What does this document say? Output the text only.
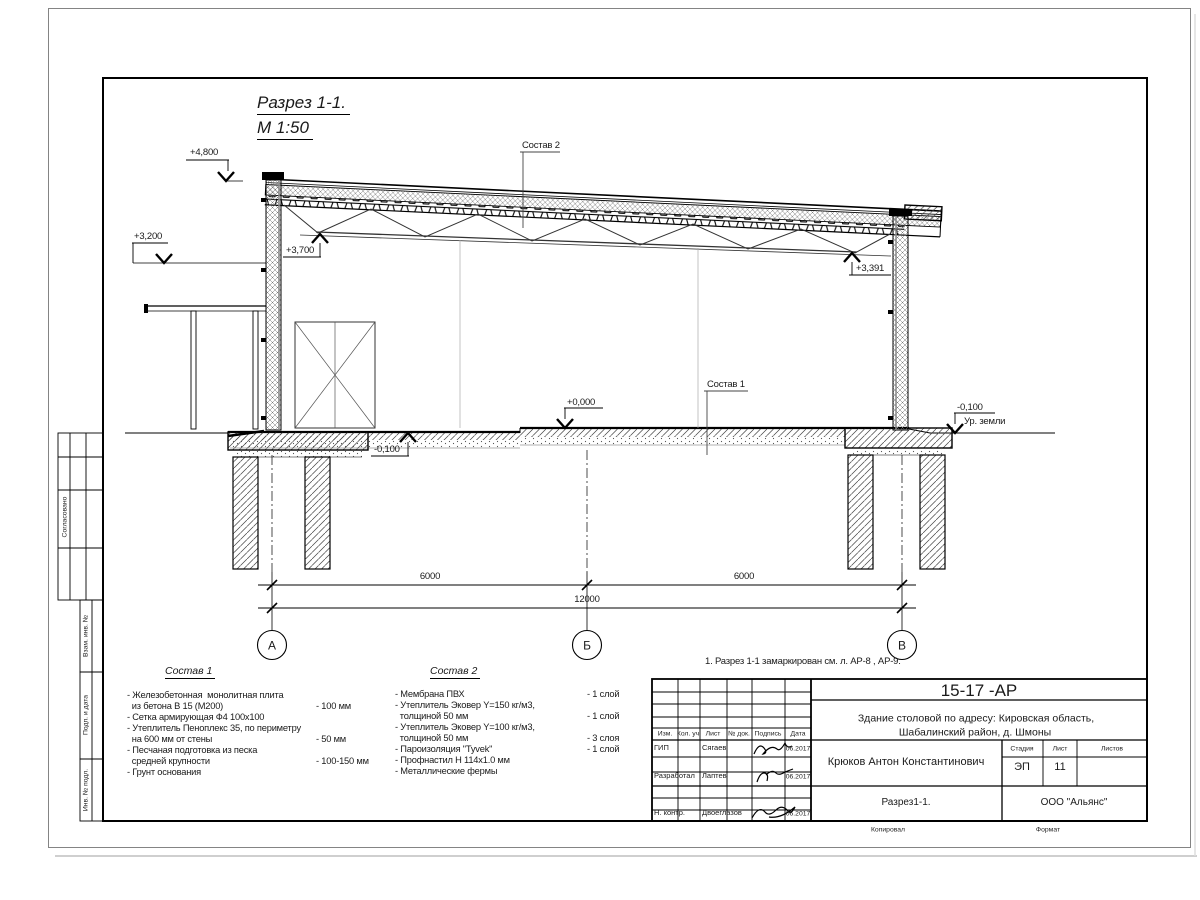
Разрез 1-1.
М 1:50
+4,800
+3,200
+3,700
+3,391
+0,000
-0,100
-0,100
Ур. земли
Состав 2
Состав 1
6000	6000
12000
А	Б	В
1. Разрез 1-1 замаркирован см. л. АР-8 , АР-9.
Состав 1
- Железобетонная  монолитная плита
из бетона В 15 (М200)	- 100 мм
- Сетка армирующая Ф4 100x100
- Утеплитель Пеноплекс 35, по периметру
на 600 мм от стены	- 50 мм
- Песчаная подготовка из песка
средней крупности	- 100-150 мм
- Грунт основания
Состав 2
- Мембрана ПВХ	- 1 слой
- Утеплитель Эковер Y=150 кг/м3,
толщиной 50 мм	- 1 слой
- Утеплитель Эковер Y=100 кг/м3,
толщиной 50 мм	- 3 слоя
- Пароизоляция "Tyvek"	- 1 слой
- Профнастил Н 114x1.0 мм
- Металлические фермы
15-17 -АР
Здание столовой по адресу: Кировская область,
Шабалинский район, д. Шмоны
Изм. Кол. уч. Лист № док. Подпись Дата
ГИП	Сягаев	06.2017
Разработал Лаптев	06.2017
Н. контр. Двоеглазов	06.2017
Крюков Антон Константинович
Стадия	Лист	Листов
ЭП 11
Разрез1-1.	ООО "Альянс"
Копировал	Формат
Согласовано
Взам. инв. №
Подп. и дата
Инв. № подл.
